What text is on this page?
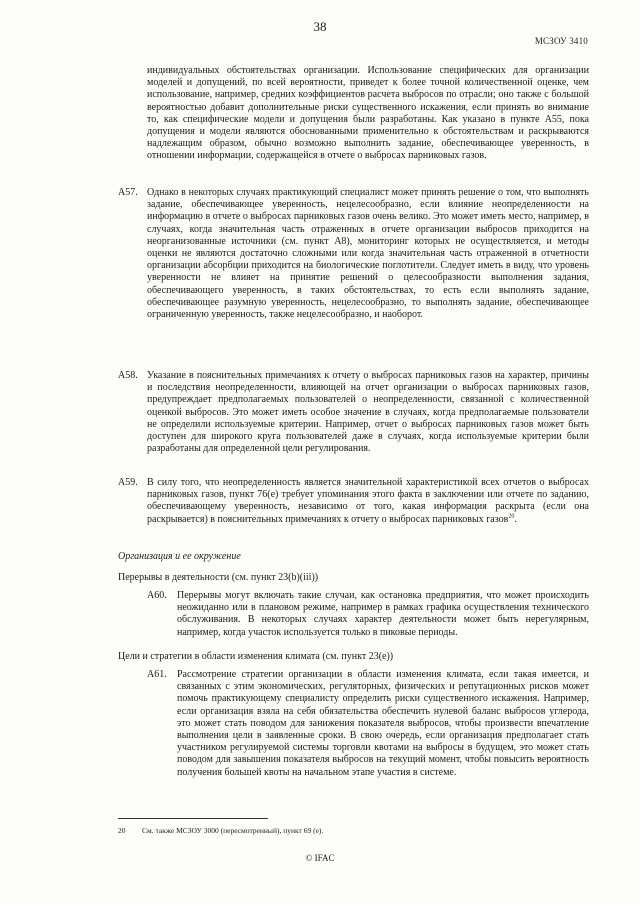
38
МСЗОУ 3410
индивидуальных обстоятельствах организации. Использование специфических для организации моделей и допущений, по всей вероятности, приведет к более точной количественной оценке, чем использование, например, средних коэффициентов расчета выбросов по отрасли; оно также с большой вероятностью добавит дополнительные риски существенного искажения, если принять во внимание то, как специфические модели и допущения были разработаны. Как указано в пункте А55, пока допущения и модели являются обоснованными применительно к обстоятельствам и раскрываются надлежащим образом, обычно возможно выполнить задание, обеспечивающее уверенность, в отношении информации, содержащейся в отчете о выбросах парниковых газов.
A57. Однако в некоторых случаях практикующий специалист может принять решение о том, что выполнять задание, обеспечивающее уверенность, нецелесообразно, если влияние неопределенности на информацию в отчете о выбросах парниковых газов очень велико. Это может иметь место, например, в случаях, когда значительная часть отраженных в отчете организации выбросов приходится на неорганизованные источники (см. пункт А8), мониторинг которых не осуществляется, и методы оценки не являются достаточно сложными или когда значительная часть отраженной в отчетности организации абсорбции приходится на биологические поглотители. Следует иметь в виду, что уровень уверенности не влияет на принятие решений о целесообразности выполнения задания, обеспечивающего уверенность, в таких обстоятельствах, то есть если выполнять задание, обеспечивающее разумную уверенность, нецелесообразно, то выполнять задание, обеспечивающее ограниченную уверенность, также нецелесообразно, и наоборот.
A58. Указание в пояснительных примечаниях к отчету о выбросах парниковых газов на характер, причины и последствия неопределенности, влияющей на отчет организации о выбросах парниковых газов, предупреждает предполагаемых пользователей о неопределенности, связанной с количественной оценкой выбросов. Это может иметь особое значение в случаях, когда предполагаемые пользователи не определили используемые критерии. Например, отчет о выбросах парниковых газов может быть доступен для широкого круга пользователей даже в случаях, когда используемые критерии были разработаны для определенной цели регулирования.
A59. В силу того, что неопределенность является значительной характеристикой всех отчетов о выбросах парниковых газов, пункт 76(е) требует упоминания этого факта в заключении или отчете по заданию, обеспечивающему уверенность, независимо от того, какая информация раскрыта (если она раскрывается) в пояснительных примечаниях к отчету о выбросах парниковых газов$^{20}$.
Организация и ее окружение
Перерывы в деятельности (см. пункт 23(b)(iii))
A60. Перерывы могут включать такие случаи, как остановка предприятия, что может происходить неожиданно или в плановом режиме, например в рамках графика осуществления технического обслуживания. В некоторых случаях характер деятельности может быть нерегулярным, например, когда участок используется только в пиковые периоды.
Цели и стратегии в области изменения климата (см. пункт 23(е))
A61. Рассмотрение стратегии организации в области изменения климата, если такая имеется, и связанных с этим экономических, регуляторных, физических и репутационных рисков может помочь практикующему специалисту определить риски существенного искажения. Например, если организация взяла на себя обязательства обеспечить нулевой баланс выбросов углерода, это может стать поводом для занижения показателя выбросов, чтобы произвести впечатление выполнения цели в заявленные сроки. В свою очередь, если организация предполагает стать участником регулируемой системы торговли квотами на выбросы в будущем, это может стать поводом для завышения показателя выбросов на текущий момент, чтобы повысить вероятность получения большей квоты на начальном этапе участия в системе.
20 См. также МСЗОУ 3000 (пересмотренный), пункт 69 (е).
© IFAC
